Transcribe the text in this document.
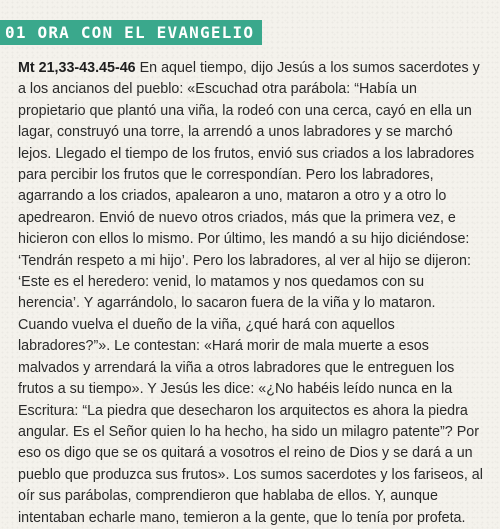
01 ORA CON EL EVANGELIO

Mt 21,33-43.45-46 En aquel tiempo, dijo Jesús a los sumos sacerdotes y a los ancianos del pueblo: «Escuchad otra parábola: “Había un propietario que plantó una viña, la rodeó con una cerca, cayó en ella un lagar, construyó una torre, la arrendó a unos labradores y se marchó lejos. Llegado el tiempo de los frutos, envió sus criados a los labradores para percibir los frutos que le correspondían. Pero los labradores, agarrando a los criados, apalearon a uno, mataron a otro y a otro lo apedrearon. Envió de nuevo otros criados, más que la primera vez, e hicieron con ellos lo mismo. Por último, les mandó a su hijo diciéndose: ‘Tendrán respeto a mi hijo’. Pero los labradores, al ver al hijo se dijeron: ‘Este es el heredero: venid, lo matamos y nos quedamos con su herencia’. Y agarrándolo, lo sacaron fuera de la viña y lo mataron. Cuando vuelva el dueño de la viña, ¿qué hará con aquellos labradores?”». Le contestan: «Hará morir de mala muerte a esos malvados y arrendará la viña a otros labradores que le entreguen los frutos a su tiempo». Y Jesús les dice: «¿No habéis leído nunca en la Escritura: “La piedra que desecharon los arquitectos es ahora la piedra angular. Es el Señor quien lo ha hecho, ha sido un milagro patente”? Por eso os digo que se os quitará a vosotros el reino de Dios y se dará a un pueblo que produzca sus frutos». Los sumos sacerdotes y los fariseos, al oír sus parábolas, comprendieron que hablaba de ellos. Y, aunque intentaban echarle mano, temieron a la gente, que lo tenía por profeta.
